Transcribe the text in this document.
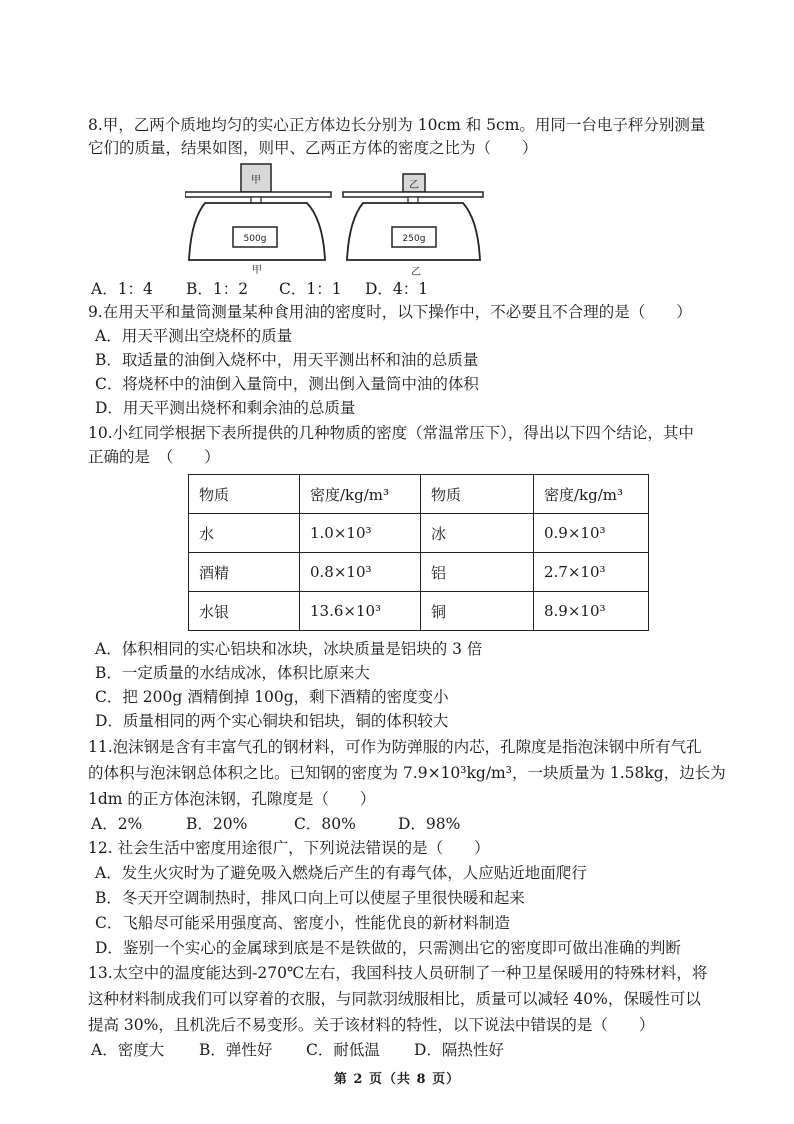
8.甲，乙两个质地均匀的实心正方体边长分别为 10cm 和 5cm。用同一台电子秤分别测量
它们的质量，结果如图，则甲、乙两正方体的密度之比为（　　）
甲
500g
甲
乙
250g
乙
A．1：4 B．1：2 C．1：1 D．4：1
9.在用天平和量筒测量某种食用油的密度时，以下操作中，不必要且不合理的是（　　）
A．用天平测出空烧杯的质量
B．取适量的油倒入烧杯中，用天平测出杯和油的总质量
C．将烧杯中的油倒入量筒中，测出倒入量筒中油的体积
D．用天平测出烧杯和剩余油的总质量
10.小红同学根据下表所提供的几种物质的密度（常温常压下），得出以下四个结论，其中
正确的是　（　　）
物质	密度/kg/m³	物质	密度/kg/m³
水	1.0×10³	冰	0.9×10³
酒精	0.8×10³	铝	2.7×10³
水银	13.6×10³	铜	8.9×10³
A．体积相同的实心铝块和冰块，冰块质量是铝块的 3 倍
B．一定质量的水结成冰，体积比原来大
C．把 200g 酒精倒掉 100g，剩下酒精的密度变小
D．质量相同的两个实心铜块和铝块，铜的体积较大
11.泡沫钢是含有丰富气孔的钢材料，可作为防弹服的内芯，孔隙度是指泡沫钢中所有气孔
的体积与泡沫钢总体积之比。已知钢的密度为 7.9×10³kg/m³，一块质量为 1.58kg，边长为
1dm 的正方体泡沫钢，孔隙度是（　　）
A．2%	B．20%	C．80%	D．98%
12. 社会生活中密度用途很广，下列说法错误的是（　　）
A．发生火灾时为了避免吸入燃烧后产生的有毒气体，人应贴近地面爬行
B．冬天开空调制热时，排风口向上可以使屋子里很快暖和起来
C．飞船尽可能采用强度高、密度小，性能优良的新材料制造
D．鉴别一个实心的金属球到底是不是铁做的，只需测出它的密度即可做出准确的判断
13.太空中的温度能达到-270℃左右，我国科技人员研制了一种卫星保暖用的特殊材料，将
这种材料制成我们可以穿着的衣服，与同款羽绒服相比，质量可以减轻 40%，保暖性可以
提高 30%，且机洗后不易变形。关于该材料的特性，以下说法中错误的是（　　）
A．密度大 B．弹性好 C．耐低温 D．隔热性好
第 2 页（共 8 页）
